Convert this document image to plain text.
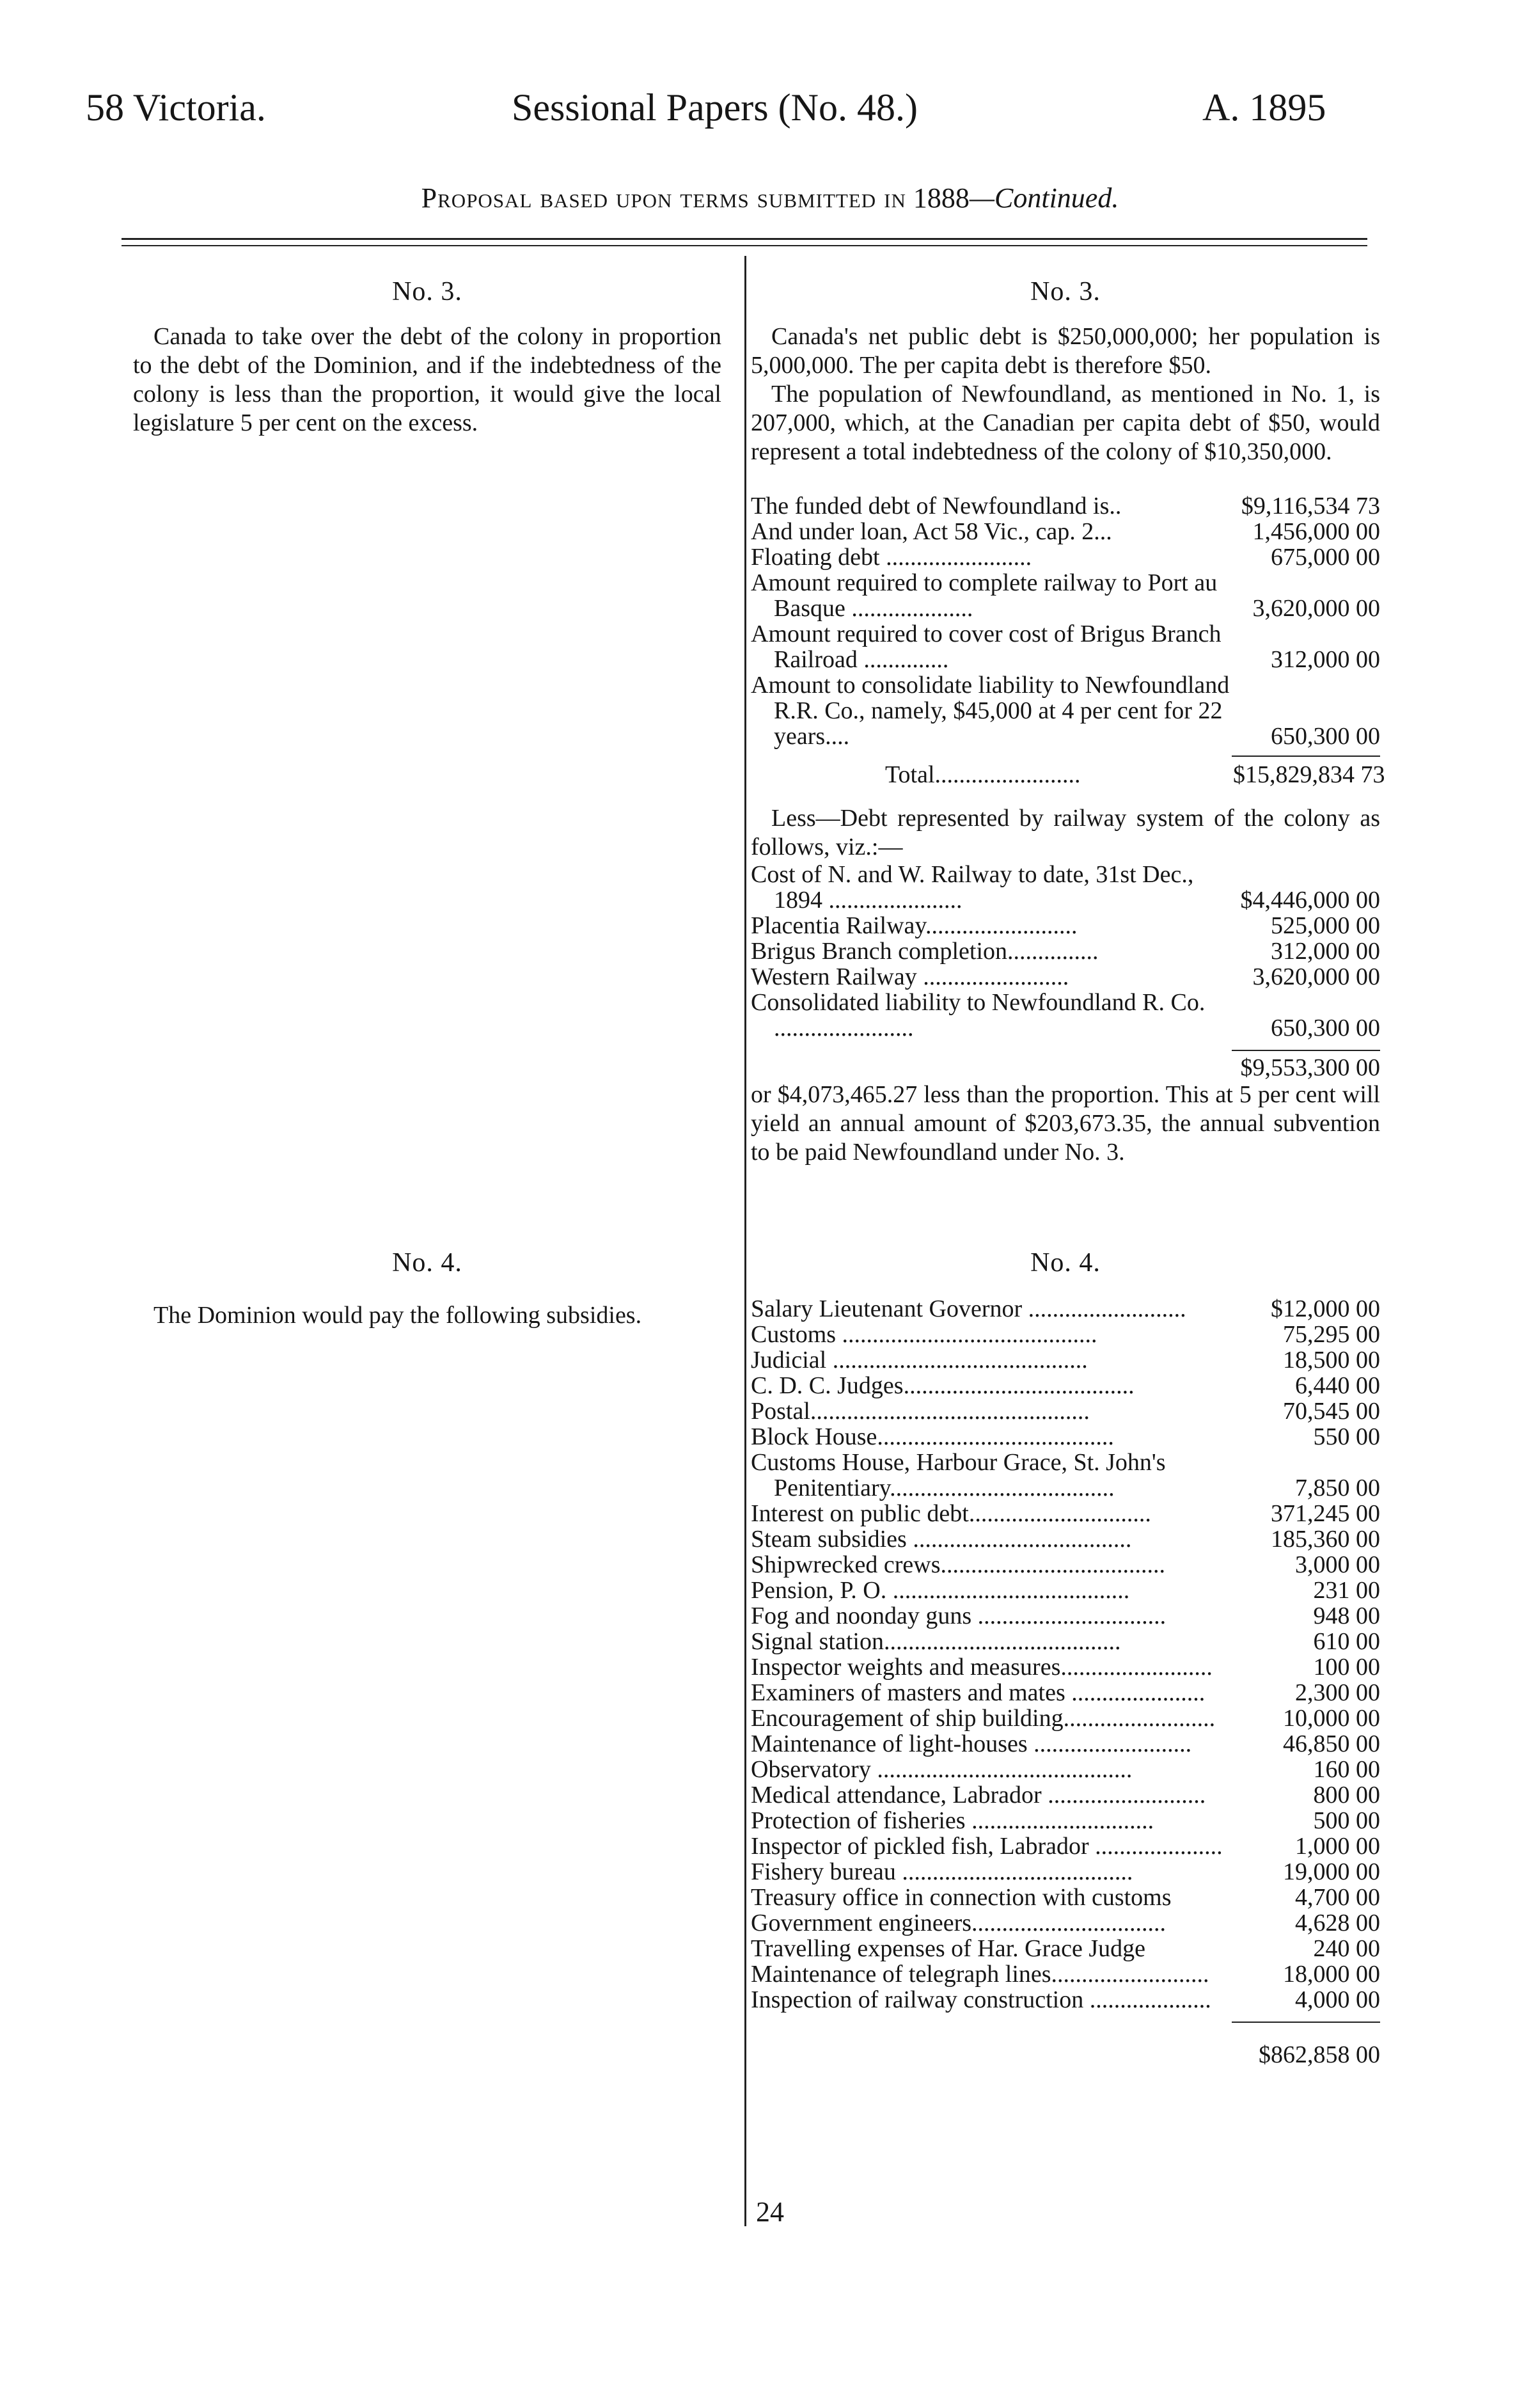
58 Victoria.	Sessional Papers (No. 48.)	A. 1895
Proposal based upon terms submitted in 1888—Continued.
No. 3.

Canada to take over the debt of the colony in proportion to the debt of the Dominion, and if the indebtedness of the colony is less than the proportion, it would give the local legislature 5 per cent on the excess.

No. 4.

The Dominion would pay the following subsidies.

No. 3.

Canada's net public debt is $250,000,000; her population is 5,000,000. The per capita debt is therefore $50.

The population of Newfoundland, as mentioned in No. 1, is 207,000, which, at the Canadian per capita debt of $50, would represent a total indebtedness of the colony of $10,350,000.

The funded debt of Newfoundland is..	$9,116,534 73
And under loan, Act 58 Vic., cap. 2...	1,456,000 00
Floating debt ........................	675,000 00
Amount required to complete railway to Port au Basque ....................	3,620,000 00
Amount required to cover cost of Brigus Branch Railroad ..............	312,000 00
Amount to consolidate liability to Newfoundland R.R. Co., namely, $45,000 at 4 per cent for 22 years....	650,300 00
Total........................	$15,829,834 73

Less—Debt represented by railway system of the colony as follows, viz.:—

Cost of N. and W. Railway to date, 31st Dec., 1894 ......................	$4,446,000 00
Placentia Railway.........................	525,000 00
Brigus Branch completion...............	312,000 00
Western Railway ........................	3,620,000 00
Consolidated liability to Newfoundland R. Co. .......................	650,300 00
$9,553,300 00

or $4,073,465.27 less than the proportion. This at 5 per cent will yield an annual amount of $203,673.35, the annual subvention to be paid Newfoundland under No. 3.

No. 4.
Salary Lieutenant Governor ..........................	$12,000 00
Customs ..........................................	75,295 00
Judicial ..........................................	18,500 00
C. D. C. Judges......................................	6,440 00
Postal..............................................	70,545 00
Block House.......................................	550 00
Customs House, Harbour Grace, St. John's Penitentiary.....................................	7,850 00
Interest on public debt..............................	371,245 00
Steam subsidies ....................................	185,360 00
Shipwrecked crews.....................................	3,000 00
Pension, P. O. .......................................	231 00
Fog and noonday guns ...............................	948 00
Signal station.......................................	610 00
Inspector weights and measures.........................	100 00
Examiners of masters and mates ......................	2,300 00
Encouragement of ship building.........................	10,000 00
Maintenance of light-houses ..........................	46,850 00
Observatory ..........................................	160 00
Medical attendance, Labrador ..........................	800 00
Protection of fisheries ..............................	500 00
Inspector of pickled fish, Labrador .....................	1,000 00
Fishery bureau ......................................	19,000 00
Treasury office in connection with customs	4,700 00
Government engineers................................	4,628 00
Travelling expenses of Har. Grace Judge	240 00
Maintenance of telegraph lines..........................	18,000 00
Inspection of railway construction ....................	4,000 00
$862,858 00
24
